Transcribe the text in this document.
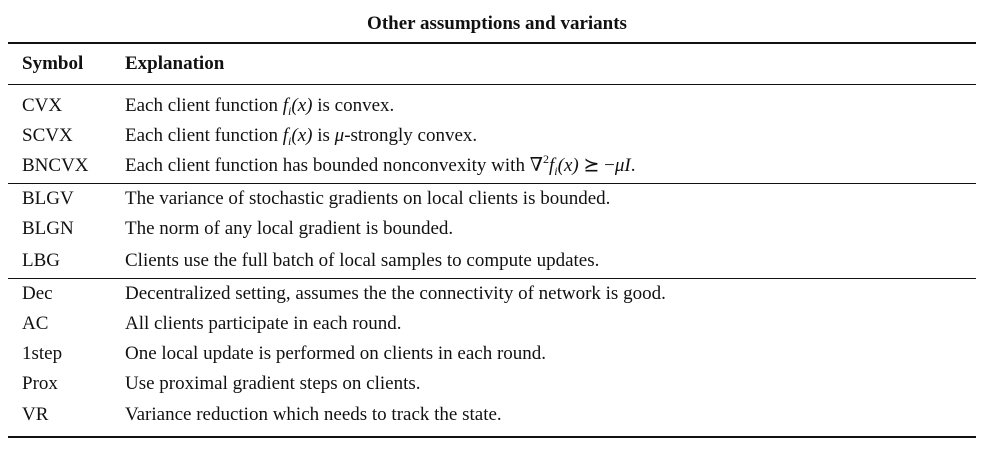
Other assumptions and variants
Symbol Explanation
CVX	Each client function $f_i(x)$ is convex.
SCVX	Each client function $f_i(x)$ is μ-strongly convex.
BNCVX Each client function has bounded nonconvexity with $\nabla^2f_i(x)$ ⪰ −μI.
BLGV	The variance of stochastic gradients on local clients is bounded.
BLGN	The norm of any local gradient is bounded.
LBG	Clients use the full batch of local samples to compute updates.
Dec	Decentralized setting, assumes the the connectivity of network is good.
AC	All clients participate in each round.
1step	One local update is performed on clients in each round.
Prox	Use proximal gradient steps on clients.
VR	Variance reduction which needs to track the state.
